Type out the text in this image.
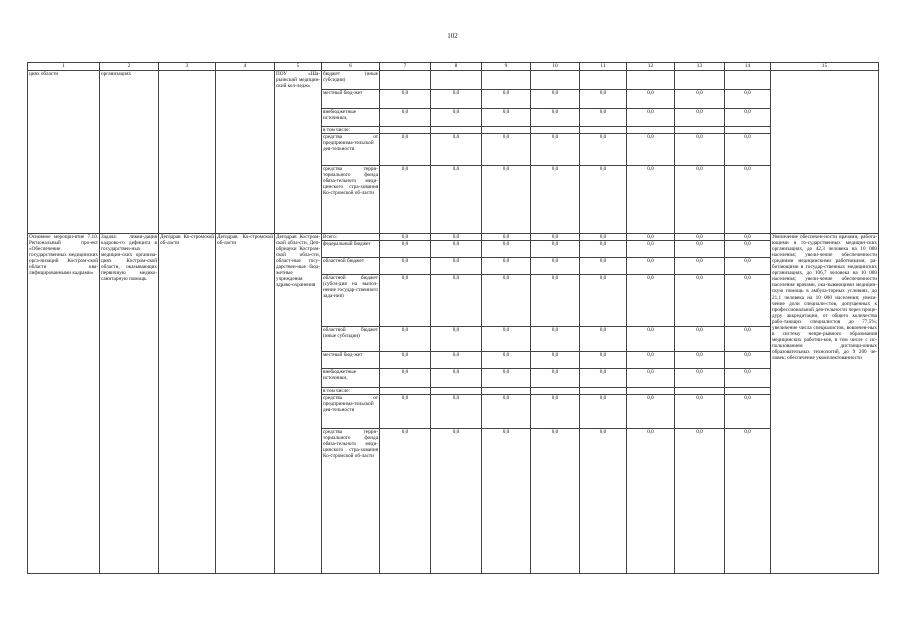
102
1	2	3	4	5	6	7	8	9	10	11	12	13	14	15
циях области	организациях			ПОУ «Ша-рьинский медицин-ский кол-ледж»	бюджет (иные субсидии)									
					местный бюд-жет	0,0	0,0	0,0	0,0	0,0	0,0	0,0	0,0	
					внебюджетные источники,	0,0	0,0	0,0	0,0	0,0	0,0	0,0	0,0	
					в том числе:									
					средства от предпринима-тельской дея-тельности	0,0	0,0	0,0	0,0	0,0	0,0	0,0	0,0	
					средства терри-ториального фонда обяза-тельного меди-цинского стра-хования Ко-стромской об-ласти	0,0	0,0	0,0	0,0	0,0	0,0	0,0	0,0	
Основное меропри-ятие 7.10. Региональный про-ект «Обеспечение государственных медицинских орга-низаций Костром-ской области ква-лифицированными кадрами»	Задача: ликви-дация кадрово-го дефицита в государствен-ных медицин-ских организа-циях Костром-ской области, оказывающих первичную медико-санитарную помощь	Депздрав Ко-стромской об-ласти	Депздрав Ко-стромской об-ласти	Депздрав Костром-ской обла-сти, Деп-обрнауки Костром-ской обла-сти, област-ные госу-дарствен-ные бюд-жетные учреждения здраво-охранения	Всего:	0,0	0,0	0,0	0,0	0,0	0,0	0,0	0,0	Увеличение обеспечен-ности врачами, работа-ющими в го-сударственных медицин-ских организациях, до 42,3 человека на 10 000 населения; увели-чение обеспеченности средними медицинскими работниками, ра-ботающими в государ-ственных медицинских организациях, до 106,7 человека на 10 000 населения; увели-чение обеспеченности населения врачами, ока-зывающими медицин-скую помощь в амбула-торных условиях, до 21,1 человека на 10 000 населения; увели-чение доли специали-стов, допущенных к профессиональной дея-тельности через проце-дуру аккредитации, от общего количества рабо-тающих специалистов до 77,5%; увеличение числа специалистов, вовлечен-ных в систему непре-рывного образования медицинских работни-ков, в том числе с ис-пользованием дистанци-онных образовательных технологий, до 9 200 че-ловек; обеспечение укомплектованности
					федеральный бюджет	0,0	0,0	0,0	0,0	0,0	0,0	0,0	0,0	
					областной бюджет	0,0	0,0	0,0	0,0	0,0	0,0	0,0	0,0	
					областной бюджет (субси-дия на выпол-нение государ-ственного зада-ния)	0,0	0,0	0,0	0,0	0,0	0,0	0,0	0,0	
					областной бюджет (иные субсидии)	0,0	0,0	0,0	0,0	0,0	0,0	0,0	0,0	
					местный бюд-жет	0,0	0,0	0,0	0,0	0,0	0,0	0,0	0,0	
					внебюджетные источники,	0,0	0,0	0,0	0,0	0,0	0,0	0,0	0,0	
					в том числе:									
					средства от предпринима-тельской дея-тельности	0,0	0,0	0,0	0,0	0,0	0,0	0,0	0,0	
					средства терри-ториального фонда обяза-тельного меди-цинского стра-хования Ко-стромской об-ласти	0,0	0,0	0,0	0,0	0,0	0,0	0,0	0,0	
